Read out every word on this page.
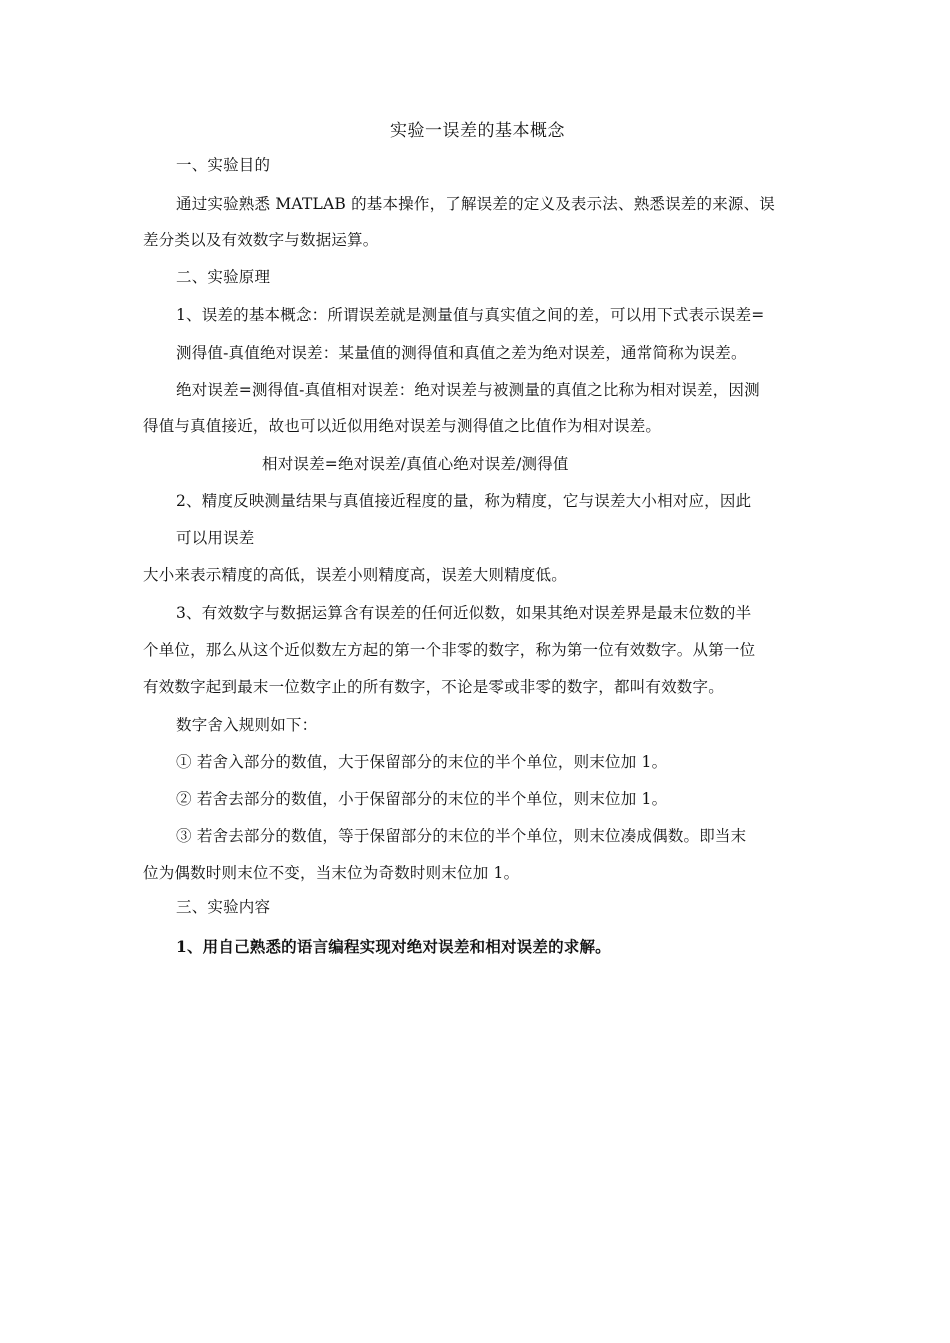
实验一误差的基本概念
一、实验目的
通过实验熟悉 MATLAB 的基本操作，了解误差的定义及表示法、熟悉误差的来源、误
差分类以及有效数字与数据运算。
二、实验原理
1、误差的基本概念：所谓误差就是测量值与真实值之间的差，可以用下式表示误差=
测得值-真值绝对误差：某量值的测得值和真值之差为绝对误差，通常简称为误差。
绝对误差=测得值-真值相对误差：绝对误差与被测量的真值之比称为相对误差，因测
得值与真值接近，故也可以近似用绝对误差与测得值之比值作为相对误差。
相对误差=绝对误差/真值心绝对误差/测得值
2、精度反映测量结果与真值接近程度的量，称为精度，它与误差大小相对应，因此
可以用误差
大小来表示精度的高低，误差小则精度高，误差大则精度低。
3、有效数字与数据运算含有误差的任何近似数，如果其绝对误差界是最末位数的半
个单位，那么从这个近似数左方起的第一个非零的数字，称为第一位有效数字。从第一位
有效数字起到最末一位数字止的所有数字，不论是零或非零的数字，都叫有效数字。
数字舍入规则如下：
① 若舍入部分的数值，大于保留部分的末位的半个单位，则末位加 1。
② 若舍去部分的数值，小于保留部分的末位的半个单位，则末位加 1。
③ 若舍去部分的数值，等于保留部分的末位的半个单位，则末位凑成偶数。即当末
位为偶数时则末位不变，当末位为奇数时则末位加 1。
三、实验内容
1、用自己熟悉的语言编程实现对绝对误差和相对误差的求解。
